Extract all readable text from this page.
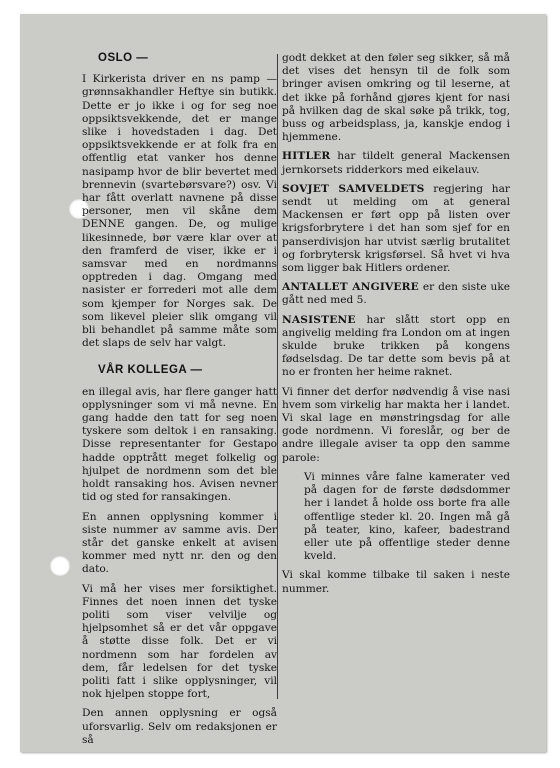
OSLO —

I Kirkerista driver en ns pamp — grønnsakhandler Heftye sin butikk. Dette er jo ikke i og for seg noe oppsiktsvekkende, det er mange slike i hovedstaden i dag. Det oppsiktsvekkende er at folk fra en offentlig etat vanker hos denne nasipamp hvor de blir bevertet med brennevin (svartebørsvare?) osv. Vi har fått overlatt navnene på disse personer, men vil skåne dem DENNE gangen. De, og mulige likesinnede, bør være klar over at den framferd de viser, ikke er i samsvar med en nordmanns opptreden i dag. Omgang med nasister er forrederi mot alle dem som kjemper for Norges sak. De som likevel pleier slik omgang vil bli behandlet på samme måte som det slaps de selv har valgt.

VÅR KOLLEGA —

en illegal avis, har flere ganger hatt opplysninger som vi må nevne. En gang hadde den tatt for seg noen tyskere som deltok i en ransaking. Disse representanter for Gestapo hadde opptrått meget folkelig og hjulpet de nordmenn som det ble holdt ransaking hos. Avisen nevner tid og sted for ransakingen.

En annen opplysning kommer i siste nummer av samme avis. Der står det ganske enkelt at avisen kommer med nytt nr. den og den dato.

Vi må her vises mer forsiktighet. Finnes det noen innen det tyske politi som viser velvilje og hjelpsomhet så er det vår oppgave å støtte disse folk. Det er vi nordmenn som har fordelen av dem, får ledelsen for det tyske politi fatt i slike opplysninger, vil nok hjelpen stoppe fort,

Den annen opplysning er også uforsvarlig. Selv om redaksjonen er så

godt dekket at den føler seg sikker, så må det vises det hensyn til de folk som bringer avisen omkring og til leserne, at det ikke på forhånd gjøres kjent for nasi på hvilken dag de skal søke på trikk, tog, buss og arbeidsplass, ja, kanskje endog i hjemmene.

HITLER har tildelt general Mackensen jernkorsets ridderkors med eikelauv.

SOVJET SAMVELDETS regjering har sendt ut melding om at general Mackensen er ført opp på listen over krigsforbrytere i det han som sjef for en panserdivisjon har utvist særlig brutalitet og forbrytersk krigsførsel. Så hvet vi hva som ligger bak Hitlers ordener.

ANTALLET ANGIVERE er den siste uke gått ned med 5.

NASISTENE har slått stort opp en angivelig melding fra London om at ingen skulde bruke trikken på kongens fødselsdag. De tar dette som bevis på at no er fronten her heime raknet.

Vi finner det derfor nødvendig å vise nasi hvem som virkelig har makta her i landet. Vi skal lage en mønstringsdag for alle gode nordmenn. Vi foreslår, og ber de andre illegale aviser ta opp den samme parole:

Vi minnes våre falne kamerater ved på dagen for de første dødsdommer her i landet å holde oss borte fra alle offentlige steder kl. 20. Ingen må gå på teater, kino, kafeer, badestrand eller ute på offentlige steder denne kveld.

Vi skal komme tilbake til saken i neste nummer.
